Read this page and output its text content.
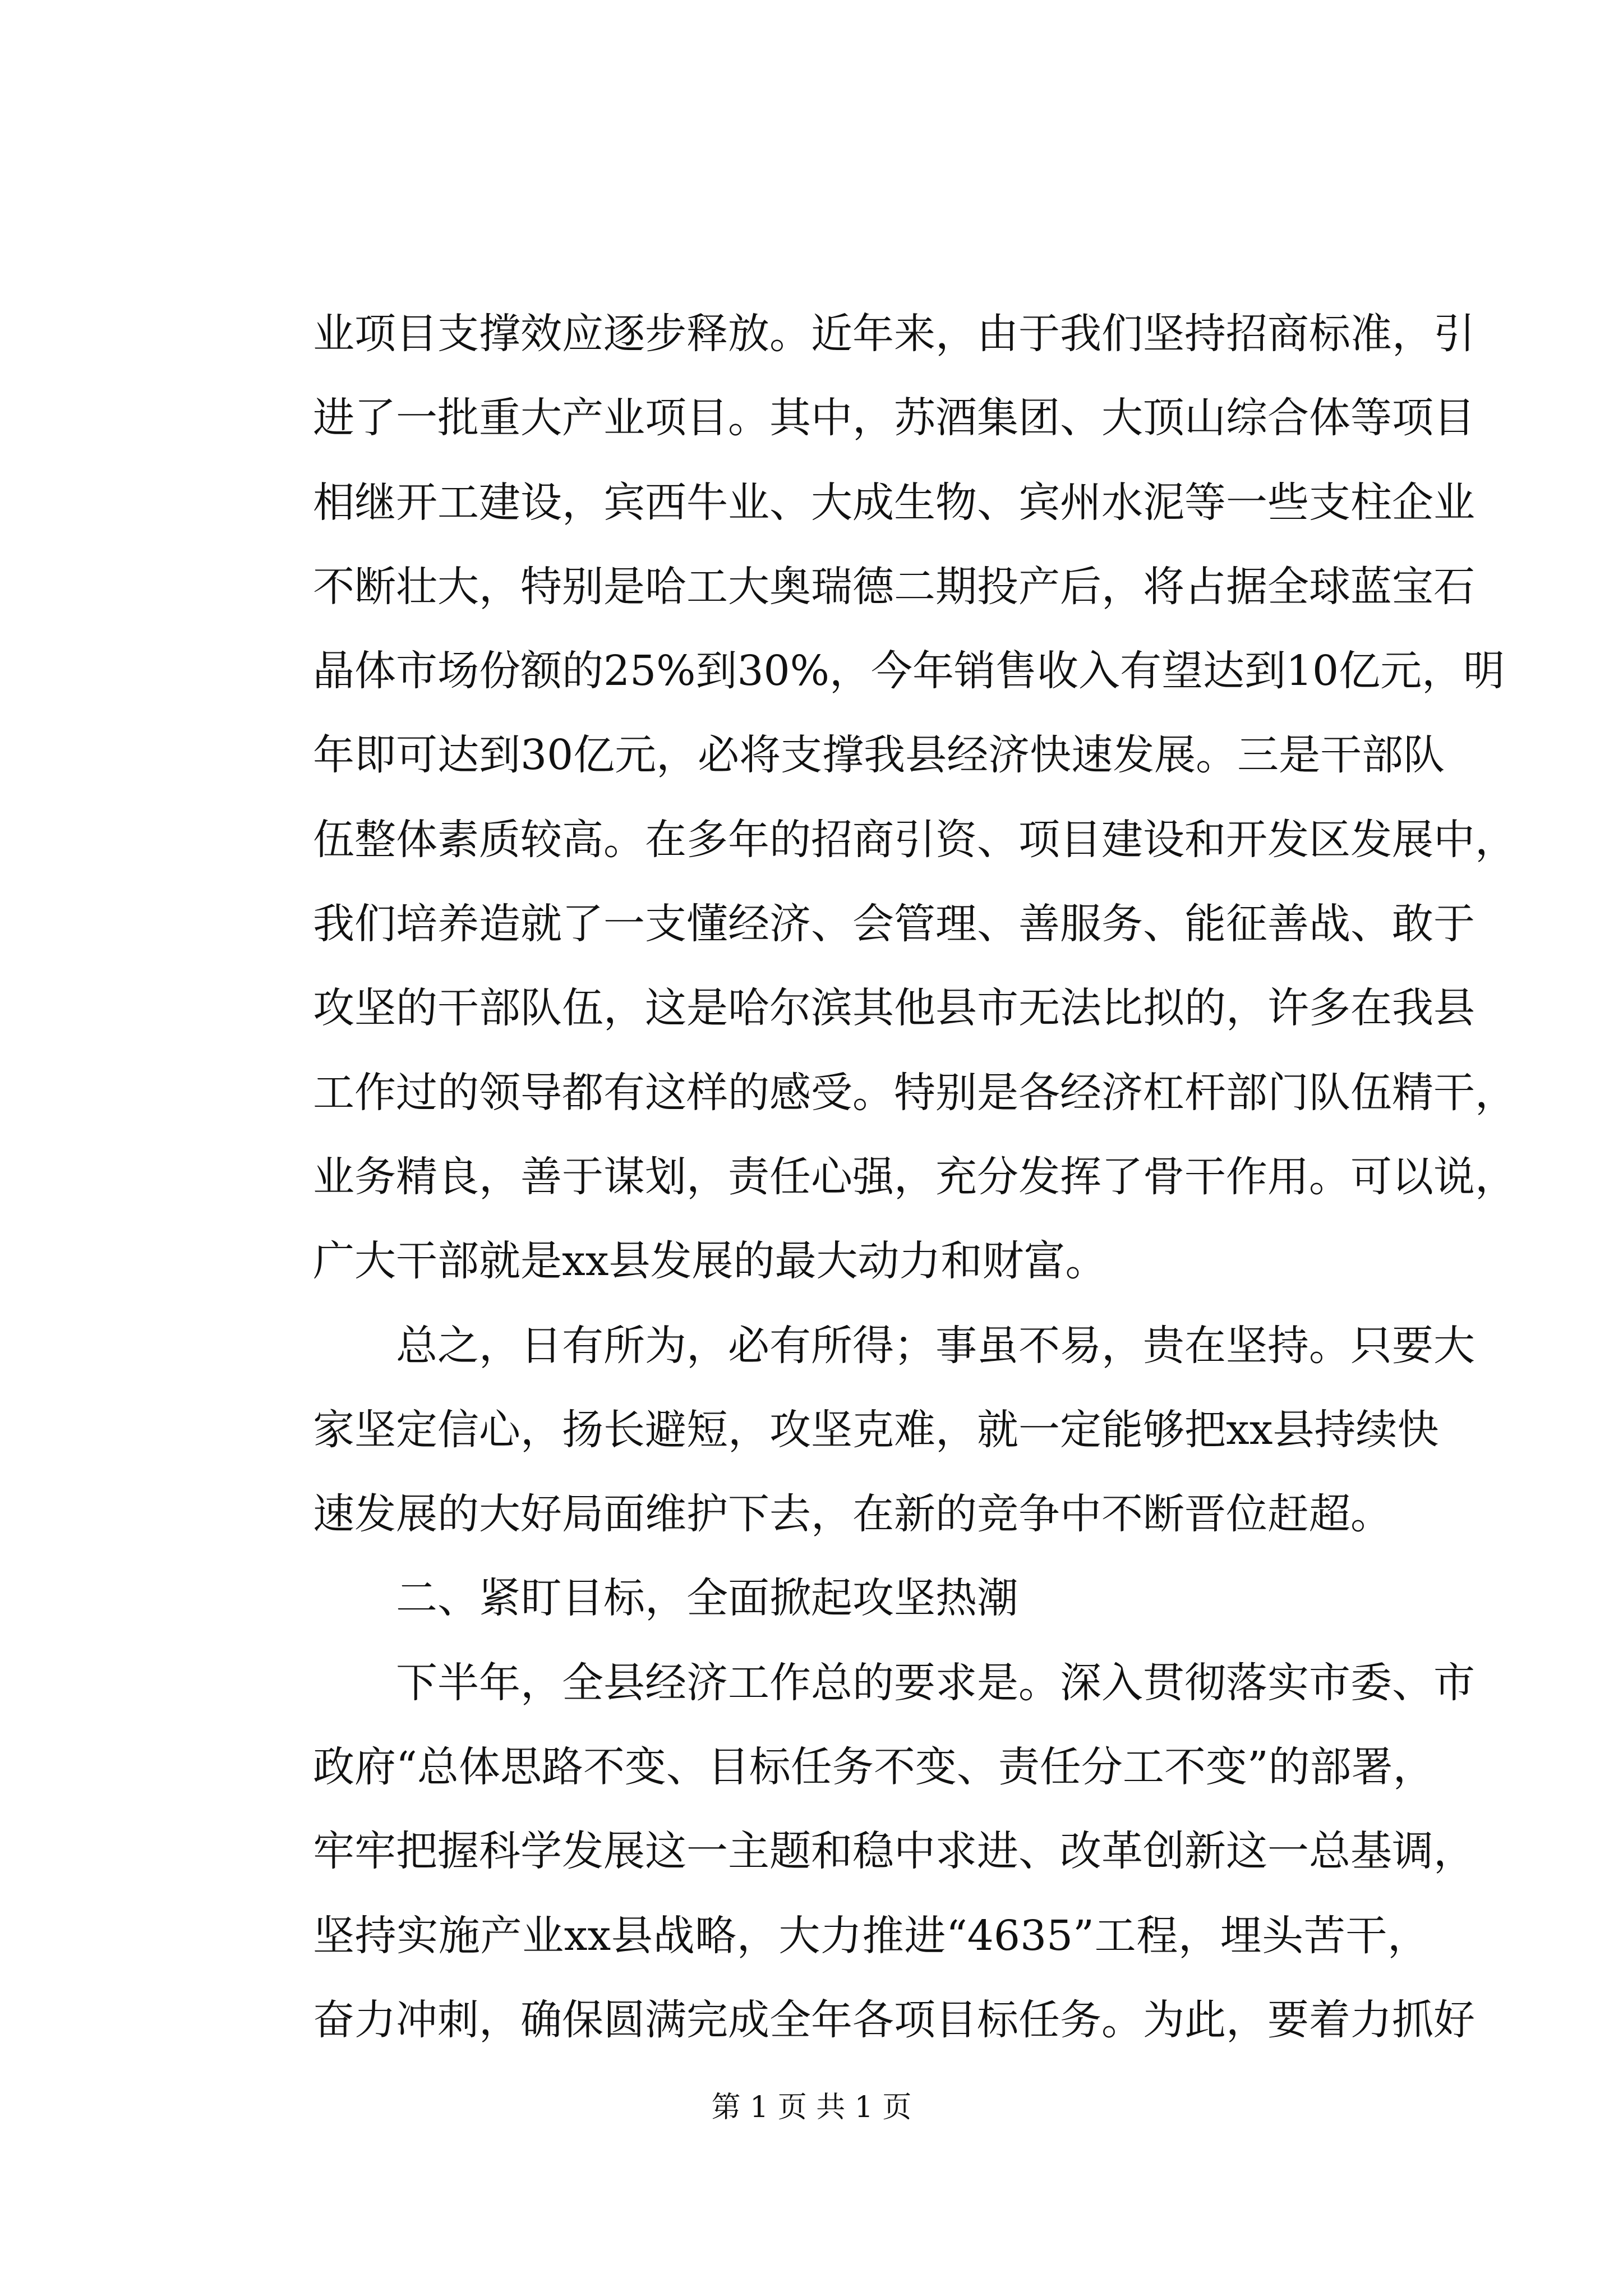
业项目支撑效应逐步释放。近年来，由于我们坚持招商标准，引
进了一批重大产业项目。其中，苏酒集团、大顶山综合体等项目
相继开工建设，宾西牛业、大成生物、宾州水泥等一些支柱企业
不断壮大，特别是哈工大奥瑞德二期投产后，将占据全球蓝宝石
晶体市场份额的25%到30%，今年销售收入有望达到10亿元，明
年即可达到30亿元，必将支撑我县经济快速发展。三是干部队
伍整体素质较高。在多年的招商引资、项目建设和开发区发展中，
我们培养造就了一支懂经济、会管理、善服务、能征善战、敢于
攻坚的干部队伍，这是哈尔滨其他县市无法比拟的，许多在我县
工作过的领导都有这样的感受。特别是各经济杠杆部门队伍精干，
业务精良，善于谋划，责任心强，充分发挥了骨干作用。可以说，
广大干部就是xx县发展的最大动力和财富。
总之，日有所为，必有所得；事虽不易，贵在坚持。只要大
家坚定信心，扬长避短，攻坚克难，就一定能够把xx县持续快
速发展的大好局面维护下去，在新的竞争中不断晋位赶超。
二、紧盯目标，全面掀起攻坚热潮
下半年，全县经济工作总的要求是。深入贯彻落实市委、市
政府“总体思路不变、目标任务不变、责任分工不变”的部署，
牢牢把握科学发展这一主题和稳中求进、改革创新这一总基调，
坚持实施产业xx县战略，大力推进“4635”工程，埋头苦干，
奋力冲刺，确保圆满完成全年各项目标任务。为此，要着力抓好
第 1 页 共 1 页
